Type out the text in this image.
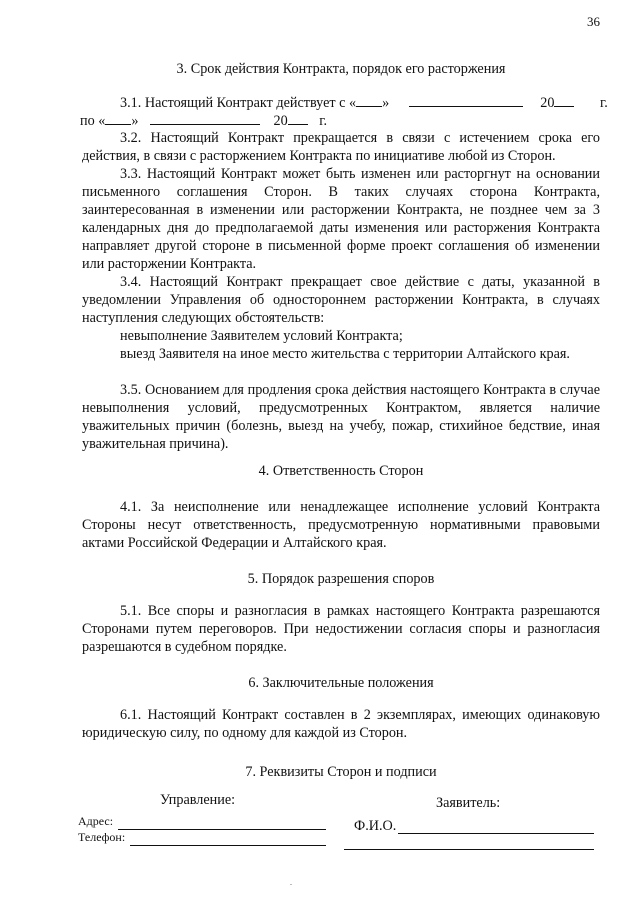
36
3. Срок действия Контракта, порядок его расторжения
3.1. Настоящий Контракт действует с « »	20	г.
по « »	20 г.

3.2. Настоящий Контракт прекращается в связи с истечением срока его действия, в связи с расторжением Контракта по инициативе любой из Сторон.

3.3. Настоящий Контракт может быть изменен или расторгнут на основании письменного соглашения Сторон. В таких случаях сторона Контракта, заинтересованная в изменении или расторжении Контракта, не позднее чем за 3 календарных дня до предполагаемой даты изменения или расторжения Контракта направляет другой стороне в письменной форме проект соглашения об изменении или расторжении Контракта.

3.4. Настоящий Контракт прекращает свое действие с даты, указанной в уведомлении Управления об одностороннем расторжении Контракта, в случаях наступления следующих обстоятельств:

невыполнение Заявителем условий Контракта;

выезд Заявителя на иное место жительства с территории Алтайского края.

3.5. Основанием для продления срока действия настоящего Контракта в случае невыполнения условий, предусмотренных Контрактом, является наличие уважительных причин (болезнь, выезд на учебу, пожар, стихийное бедствие, иная уважительная причина).

4. Ответственность Сторон

4.1. За неисполнение или ненадлежащее исполнение условий Контракта Стороны несут ответственность, предусмотренную нормативными правовыми актами Российской Федерации и Алтайского края.

5. Порядок разрешения споров

5.1. Все споры и разногласия в рамках настоящего Контракта разрешаются Сторонами путем переговоров. При недостижении согласия споры и разногласия разрешаются в судебном порядке.

6. Заключительные положения

6.1. Настоящий Контракт составлен в 2 экземплярах, имеющих одинаковую юридическую силу, по одному для каждой из Сторон.

7. Реквизиты Сторон и подписи
Управление:	Заявитель:
Адрес:
Телефон:
Ф.И.О.
